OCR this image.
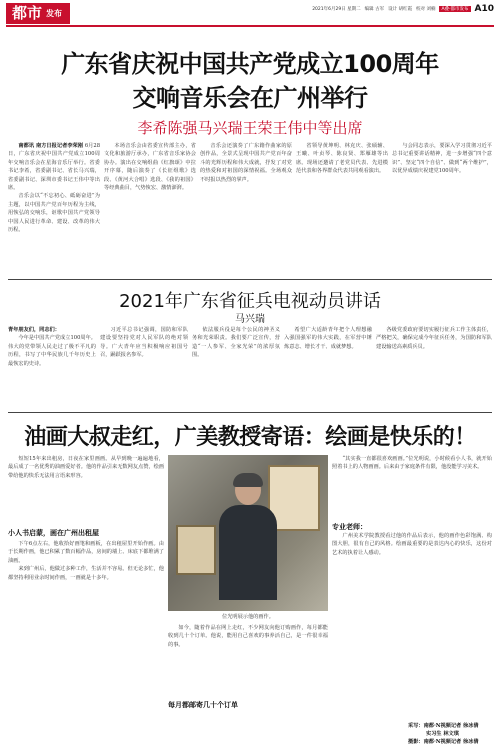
都市 发布	2021年6月29日 星期二 编辑 古军 设计 胡红霞 校对 刘楠	A叠·都市发布 A10
广东省庆祝中国共产党成立100周年
交响音乐会在广州举行
李希陈强马兴瑞王荣王伟中等出席

南都讯 南方日报记者李荣刚 6月28日，广东省庆祝中国共产党成立100周年交响音乐会在星海音乐厅举行。省委书记李希，省委副书记、省长马兴瑞，省委副书记、深圳市委书记王伟中等出席。

音乐会以“不忘初心、砥砺奋进”为主题，以中国共产党百年历程为主线，用恢弘的交响乐，讴歌中国共产党领导中国人民进行革命、建设、改革的伟大历程。

本场音乐会由省委宣传部主办，省文化和旅游厅承办，广东省音乐家协会协办。演出在交响组曲《红旗颂》中拉开序幕，随后演奏了《长征组歌》选段、《黄河大合唱》选段、《我的祖国》等经典曲目，气势恢宏、激情澎湃。

音乐会还演奏了广东籍作曲家的原创作品，全景式呈现中国共产党百年奋斗的光辉历程和伟大成就，抒发了对党的热爱和对祖国的深情祝福。全场观众不时报以热烈的掌声。

省领导黄坤明、林克庆、张硕辅、王曦、叶贞琴、陈良贤、郑雁雄等出席。现场还邀请了老党员代表、先进模范代表和各界群众代表共同观看演出。

与会同志表示，要深入学习贯彻习近平总书记重要讲话精神，进一步增强“四个意识”、坚定“四个自信”、做到“两个维护”，以优异成绩庆祝建党100周年。

2021年广东省征兵电视动员讲话
马兴瑞

青年朋友们，同志们：

今年是中国共产党成立100周年。伟大的党带领人民走过了极不平凡的历程，书写了中华民族几千年历史上最恢宏的史诗。

习近平总书记强调，国防和军队建设要坚持党对人民军队的绝对领导。广大青年应当积极响应祖国号召，踊跃报名参军。

依法服兵役是每个公民的神圣义务和光荣职责。我们要广泛宣传，营造“一人参军、全家光荣”的浓厚氛围。

希望广大适龄青年把个人理想融入强国强军的伟大实践，在军营中锤炼意志、增长才干、成就梦想。

各级党委政府要切实履行征兵工作主体责任，严格把关，确保完成今年征兵任务，为国防和军队建设输送高素质兵员。

油画大叔走红，广美教授寄语：绘画是快乐的！

短短15年来出租房，日夜在家里画画。从早到晚一遍遍地看，最后成了一名优秀的油画爱好者。他的作品引来无数网友点赞，绘画带给他的快乐无法用言语来形容。

位光明展示他的画作。

“其实我一直都很喜欢画画。”位光明说，小时候看小人书，就开始照着书上的人物画画。后来由于家庭条件有限，他没能学习美术。

小人书启蒙，画在广州出租屋

下午6点左右，他收拾好画笔和画板，在出租屋里开始作画。由于长期作画，他已积累了数百幅作品，房间的墙上、床底下都堆满了油画。

来到广州后，他做过多种工作，生活并不容易。但无论多忙，他都坚持利用业余时间作画，一画就是十多年。

专业老师：

广州美术学院教授看过他的作品后表示，他的画作色彩饱满、构图大胆，很有自己的风格。绘画最重要的是表达内心的快乐，这份对艺术的执着让人感动。

如今，随着作品在网上走红，不少网友向他订购画作，每月都能收到几十个订单。他说，能用自己喜欢的事养活自己，是一件很幸福的事。

每月都邮寄几十个订单
采写：南都·N视频记者 徐冰倩
实习生 林文琪
摄影：南都·N视频记者 徐冰倩
